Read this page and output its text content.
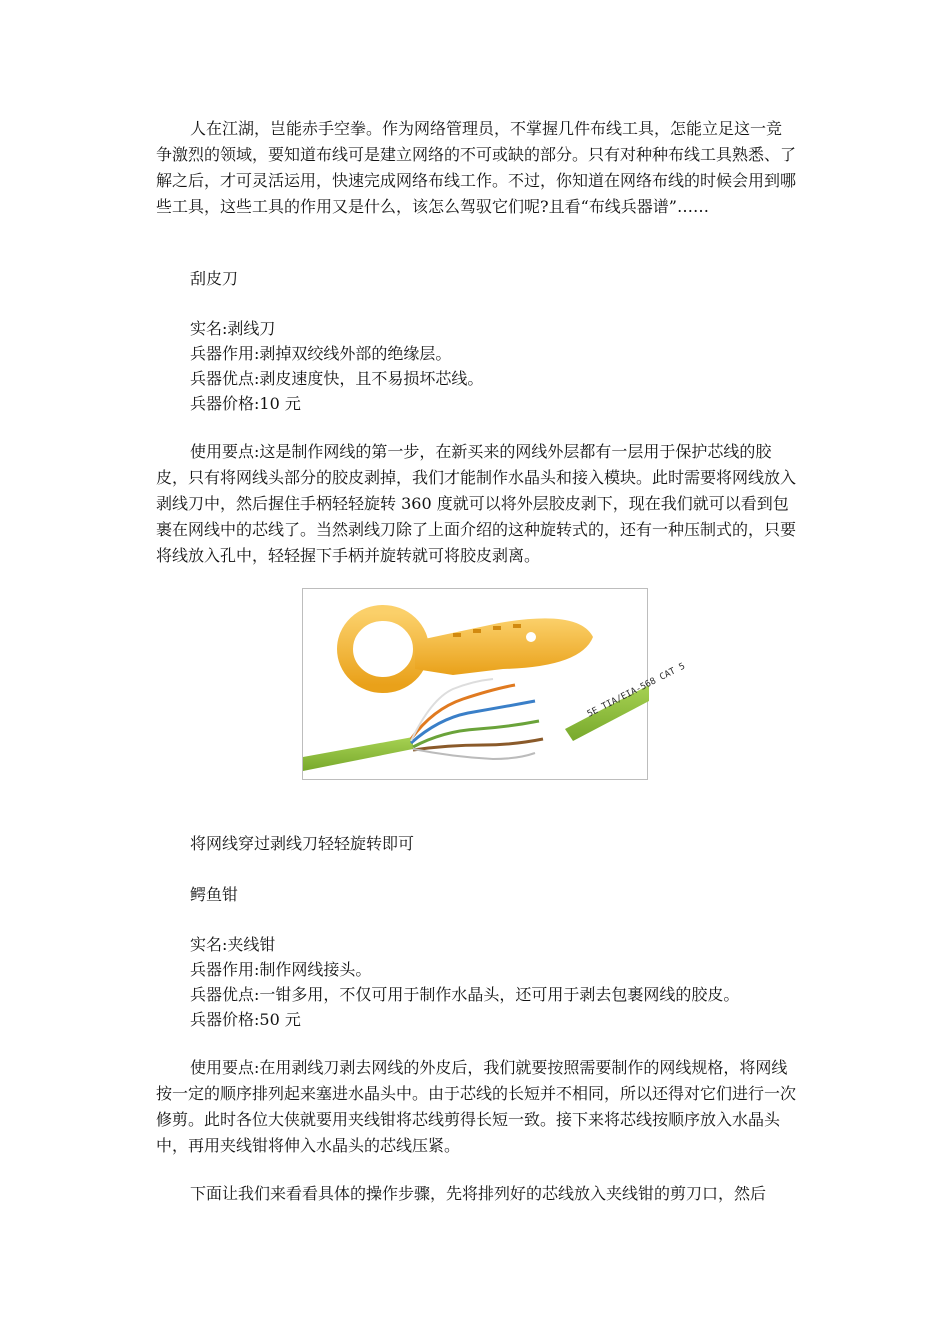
人在江湖，岂能赤手空拳。作为网络管理员，不掌握几件布线工具，怎能立足这一竞争激烈的领域，要知道布线可是建立网络的不可或缺的部分。只有对种种布线工具熟悉、了解之后，才可灵活运用，快速完成网络布线工作。不过，你知道在网络布线的时候会用到哪些工具，这些工具的作用又是什么，该怎么驾驭它们呢?且看“布线兵器谱”……

刮皮刀
实名:剥线刀
兵器作用:剥掉双绞线外部的绝缘层。
兵器优点:剥皮速度快，且不易损坏芯线。
兵器价格:10 元

使用要点:这是制作网线的第一步，在新买来的网线外层都有一层用于保护芯线的胶皮，只有将网线头部分的胶皮剥掉，我们才能制作水晶头和接入模块。此时需要将网线放入剥线刀中，然后握住手柄轻轻旋转 360 度就可以将外层胶皮剥下，现在我们就可以看到包裹在网线中的芯线了。当然剥线刀除了上面介绍的这种旋转式的，还有一种压制式的，只要将线放入孔中，轻轻握下手柄并旋转就可将胶皮剥离。

5E TIA/EIA-568 CAT 5
将网线穿过剥线刀轻轻旋转即可
鳄鱼钳
实名:夹线钳
兵器作用:制作网线接头。
兵器优点:一钳多用，不仅可用于制作水晶头，还可用于剥去包裹网线的胶皮。
兵器价格:50 元

使用要点:在用剥线刀剥去网线的外皮后，我们就要按照需要制作的网线规格，将网线按一定的顺序排列起来塞进水晶头中。由于芯线的长短并不相同，所以还得对它们进行一次修剪。此时各位大侠就要用夹线钳将芯线剪得长短一致。接下来将芯线按顺序放入水晶头中，再用夹线钳将伸入水晶头的芯线压紧。

下面让我们来看看具体的操作步骤，先将排列好的芯线放入夹线钳的剪刀口，然后
